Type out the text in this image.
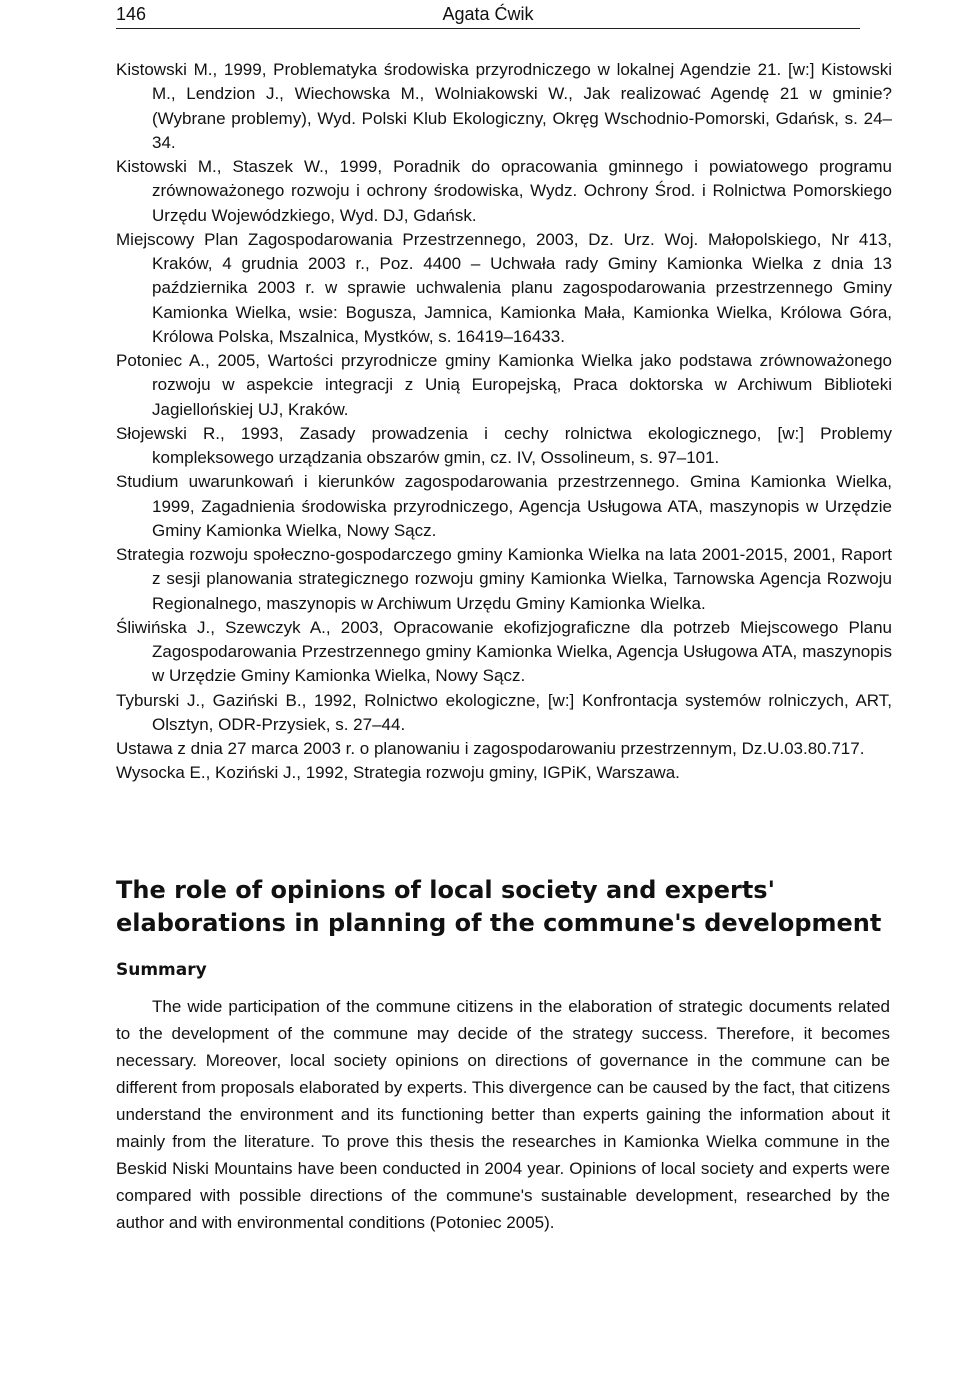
146	Agata Ćwik

Kistowski M., 1999, Problematyka środowiska przyrodniczego w lokalnej Agendzie 21. [w:] Kistowski M., Lendzion J., Wiechowska M., Wolniakowski W., Jak realizować Agendę 21 w gminie? (Wybrane problemy), Wyd. Polski Klub Ekologiczny, Okręg Wschodnio-Pomorski, Gdańsk, s. 24–34.

Kistowski M., Staszek W., 1999, Poradnik do opracowania gminnego i powiatowego programu zrównoważonego rozwoju i ochrony środowiska, Wydz. Ochrony Środ. i Rolnictwa Pomorskiego Urzędu Wojewódzkiego, Wyd. DJ, Gdańsk.

Miejscowy Plan Zagospodarowania Przestrzennego, 2003, Dz. Urz. Woj. Małopolskiego, Nr 413, Kraków, 4 grudnia 2003 r., Poz. 4400 – Uchwała rady Gminy Kamionka Wielka z dnia 13 października 2003 r. w sprawie uchwalenia planu zagospodarowania przestrzennego Gminy Kamionka Wielka, wsie: Bogusza, Jamnica, Kamionka Mała, Kamionka Wielka, Królowa Góra, Królowa Polska, Mszalnica, Mystków, s. 16419–16433.

Potoniec A., 2005, Wartości przyrodnicze gminy Kamionka Wielka jako podstawa zrównoważonego rozwoju w aspekcie integracji z Unią Europejską, Praca doktorska w Archiwum Biblioteki Jagiellońskiej UJ, Kraków.

Słojewski R., 1993, Zasady prowadzenia i cechy rolnictwa ekologicznego, [w:] Problemy kompleksowego urządzania obszarów gmin, cz. IV, Ossolineum, s. 97–101.

Studium uwarunkowań i kierunków zagospodarowania przestrzennego. Gmina Kamionka Wielka, 1999, Zagadnienia środowiska przyrodniczego, Agencja Usługowa ATA, maszynopis w Urzędzie Gminy Kamionka Wielka, Nowy Sącz.

Strategia rozwoju społeczno-gospodarczego gminy Kamionka Wielka na lata 2001-2015, 2001, Raport z sesji planowania strategicznego rozwoju gminy Kamionka Wielka, Tarnowska Agencja Rozwoju Regionalnego, maszynopis w Archiwum Urzędu Gminy Kamionka Wielka.

Śliwińska J., Szewczyk A., 2003, Opracowanie ekofizjograficzne dla potrzeb Miejscowego Planu Zagospodarowania Przestrzennego gminy Kamionka Wielka, Agencja Usługowa ATA, maszynopis w Urzędzie Gminy Kamionka Wielka, Nowy Sącz.

Tyburski J., Gaziński B., 1992, Rolnictwo ekologiczne, [w:] Konfrontacja systemów rolniczych, ART, Olsztyn, ODR-Przysiek, s. 27–44.

Ustawa z dnia 27 marca 2003 r. o planowaniu i zagospodarowaniu przestrzennym, Dz.U.03.80.717.

Wysocka E., Koziński J., 1992, Strategia rozwoju gminy, IGPiK, Warszawa.

The role of opinions of local society and experts' elaborations in planning of the commune's development
Summary

The wide participation of the commune citizens in the elaboration of strategic documents related to the development of the commune may decide of the strategy success. Therefore, it becomes necessary. Moreover, local society opinions on directions of governance in the commune can be different from proposals elaborated by experts. This divergence can be caused by the fact, that citizens understand the environment and its functioning better than experts gaining the information about it mainly from the literature. To prove this thesis the researches in Kamionka Wielka commune in the Beskid Niski Mountains have been conducted in 2004 year. Opinions of local society and experts were compared with possible directions of the commune's sustainable development, researched by the author and with environmental conditions (Potoniec 2005).
